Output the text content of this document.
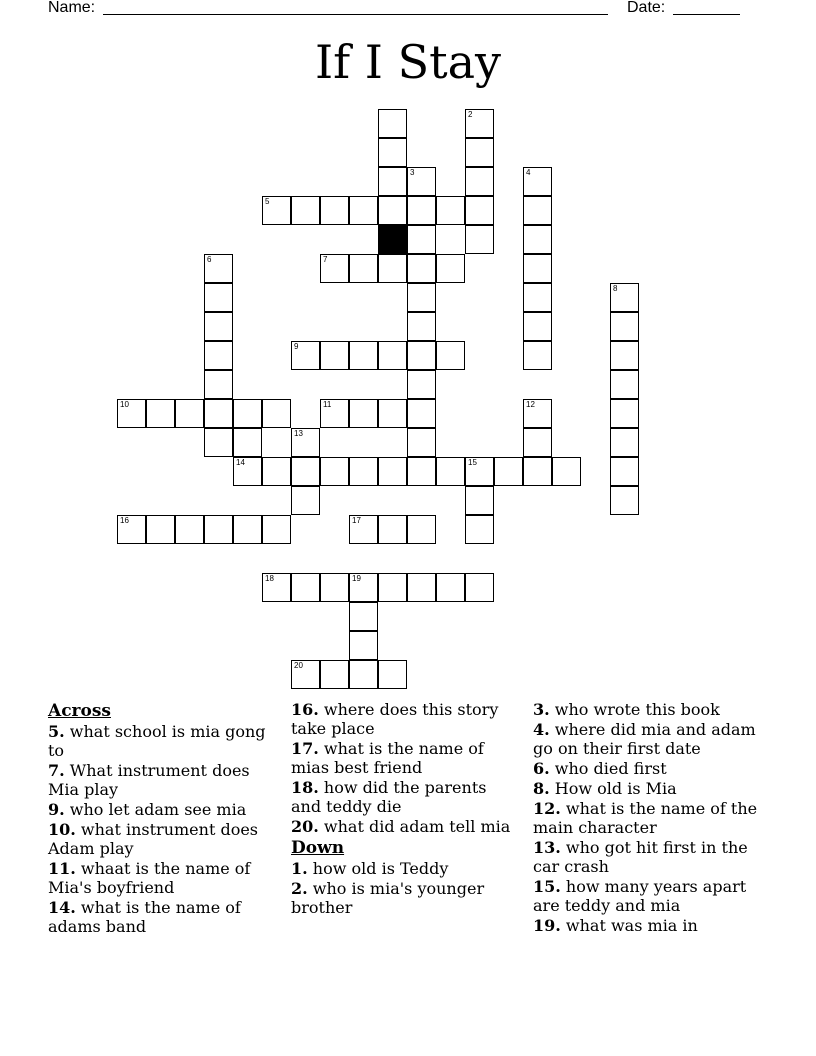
Name:	Date:
If I Stay
2
3	4
5
6	7
8
9
10	11	12
13
14	15
16	17
18	19
20
Across
5. what school is mia gong to
7. What instrument does Mia play
9. who let adam see mia
10. what instrument does Adam play
11. whaat is the name of Mia's boyfriend
14. what is the name of adams band
16. where does this story take place
17. what is the name of mias best friend
18. how did the parents and teddy die
20. what did adam tell mia
Down
1. how old is Teddy
2. who is mia's younger brother
3. who wrote this book
4. where did mia and adam go on their first date
6. who died first
8. How old is Mia
12. what is the name of the main character
13. who got hit first in the car crash
15. how many years apart are teddy and mia
19. what was mia in
